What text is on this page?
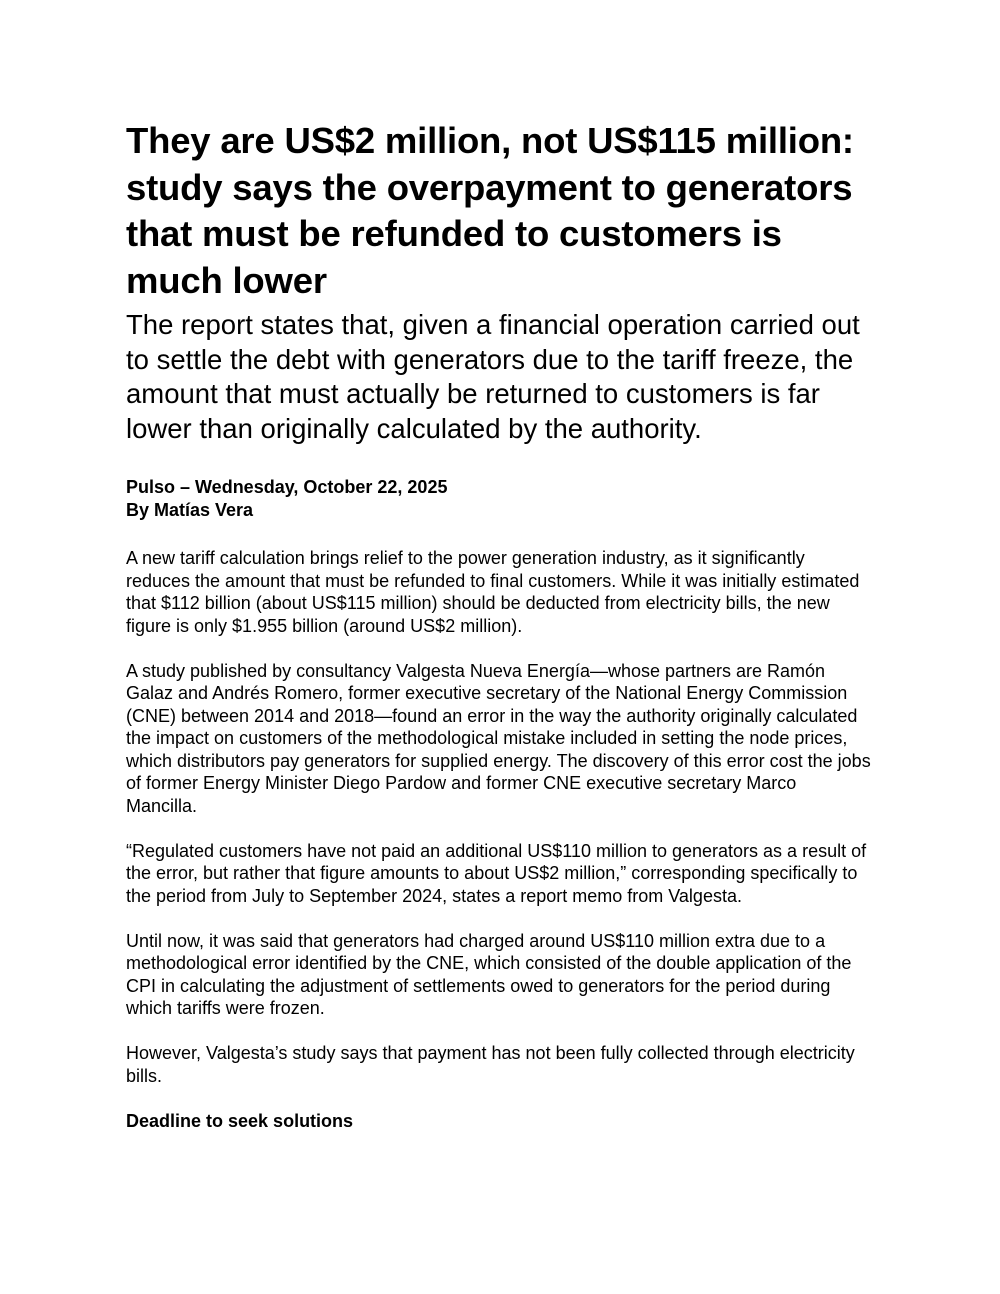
They are US$2 million, not US$115 million: study says the overpayment to generators that must be refunded to customers is much lower
The report states that, given a financial operation carried out to settle the debt with generators due to the tariff freeze, the amount that must actually be returned to customers is far lower than originally calculated by the authority.
Pulso – Wednesday, October 22, 2025
By Matías Vera

A new tariff calculation brings relief to the power generation industry, as it significantly reduces the amount that must be refunded to final customers. While it was initially estimated that $112 billion (about US$115 million) should be deducted from electricity bills, the new figure is only $1.955 billion (around US$2 million).

A study published by consultancy Valgesta Nueva Energía—whose partners are Ramón Galaz and Andrés Romero, former executive secretary of the National Energy Commission (CNE) between 2014 and 2018—found an error in the way the authority originally calculated the impact on customers of the methodological mistake included in setting the node prices, which distributors pay generators for supplied energy. The discovery of this error cost the jobs of former Energy Minister Diego Pardow and former CNE executive secretary Marco Mancilla.

“Regulated customers have not paid an additional US$110 million to generators as a result of the error, but rather that figure amounts to about US$2 million,” corresponding specifically to the period from July to September 2024, states a report memo from Valgesta.

Until now, it was said that generators had charged around US$110 million extra due to a methodological error identified by the CNE, which consisted of the double application of the CPI in calculating the adjustment of settlements owed to generators for the period during which tariffs were frozen.

However, Valgesta’s study says that payment has not been fully collected through electricity bills.

Deadline to seek solutions
